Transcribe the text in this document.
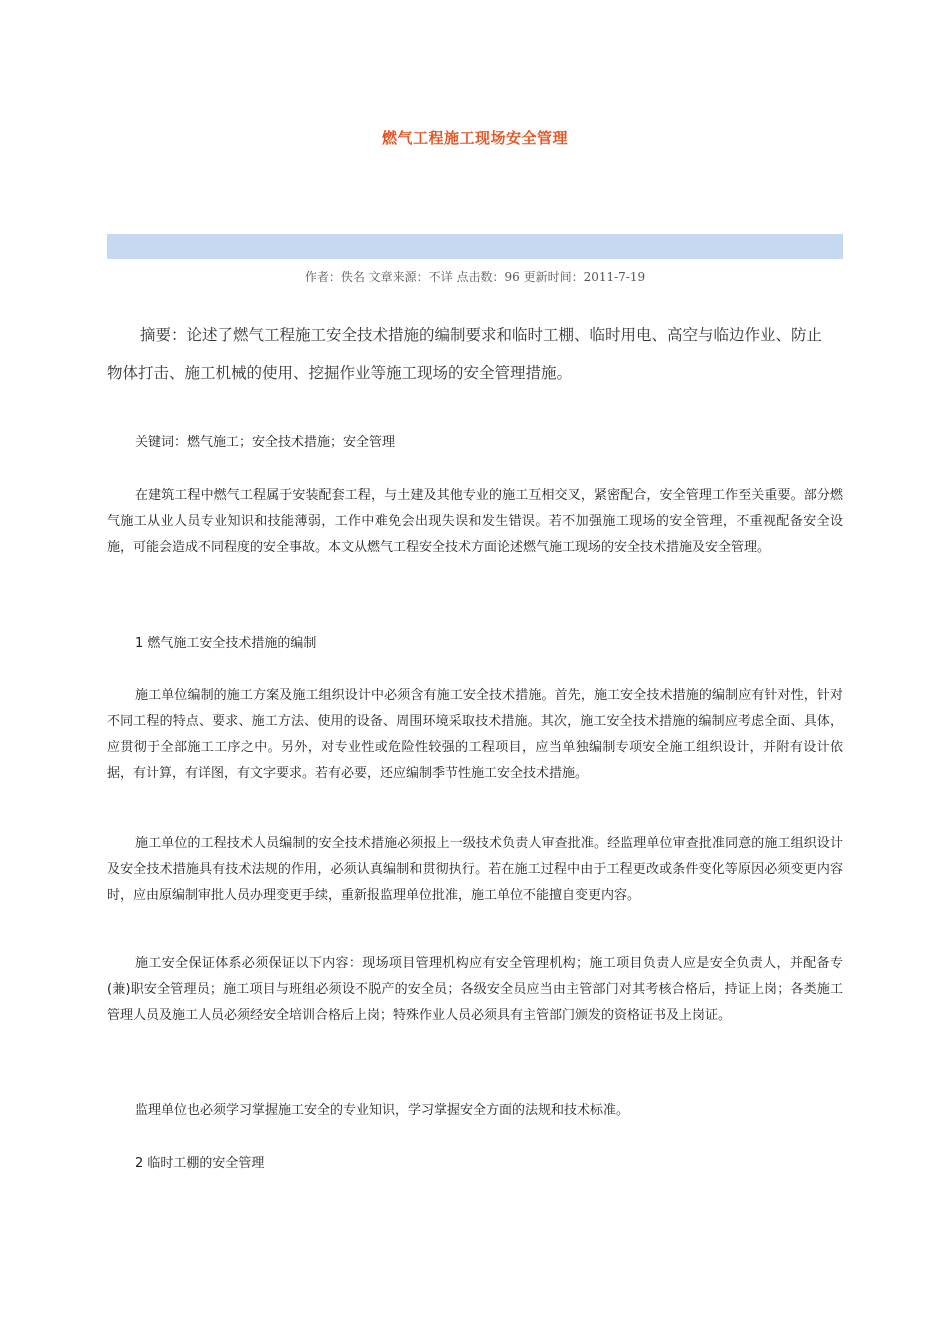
燃气工程施工现场安全管理
作者：佚名 文章来源：不详 点击数：96 更新时间：2011-7-19

摘要：论述了燃气工程施工安全技术措施的编制要求和临时工棚、临时用电、高空与临边作业、防止物体打击、施工机械的使用、挖掘作业等施工现场的安全管理措施。

关键词：燃气施工；安全技术措施；安全管理

在建筑工程中燃气工程属于安装配套工程，与土建及其他专业的施工互相交叉，紧密配合，安全管理工作至关重要。部分燃气施工从业人员专业知识和技能薄弱，工作中难免会出现失误和发生错误。若不加强施工现场的安全管理，不重视配备安全设施，可能会造成不同程度的安全事故。本文从燃气工程安全技术方面论述燃气施工现场的安全技术措施及安全管理。

1 燃气施工安全技术措施的编制

施工单位编制的施工方案及施工组织设计中必须含有施工安全技术措施。首先，施工安全技术措施的编制应有针对性，针对不同工程的特点、要求、施工方法、使用的设备、周围环境采取技术措施。其次，施工安全技术措施的编制应考虑全面、具体，应贯彻于全部施工工序之中。另外，对专业性或危险性较强的工程项目，应当单独编制专项安全施工组织设计，并附有设计依据，有计算，有详图，有文字要求。若有必要，还应编制季节性施工安全技术措施。

施工单位的工程技术人员编制的安全技术措施必须报上一级技术负责人审查批准。经监理单位审查批准同意的施工组织设计及安全技术措施具有技术法规的作用，必须认真编制和贯彻执行。若在施工过程中由于工程更改或条件变化等原因必须变更内容时，应由原编制审批人员办理变更手续，重新报监理单位批准，施工单位不能擅自变更内容。

施工安全保证体系必须保证以下内容：现场项目管理机构应有安全管理机构；施工项目负责人应是安全负责人，并配备专(兼)职安全管理员；施工项目与班组必须设不脱产的安全员；各级安全员应当由主管部门对其考核合格后，持证上岗；各类施工管理人员及施工人员必须经安全培训合格后上岗；特殊作业人员必须具有主管部门颁发的资格证书及上岗证。

监理单位也必须学习掌握施工安全的专业知识，学习掌握安全方面的法规和技术标准。

2 临时工棚的安全管理
